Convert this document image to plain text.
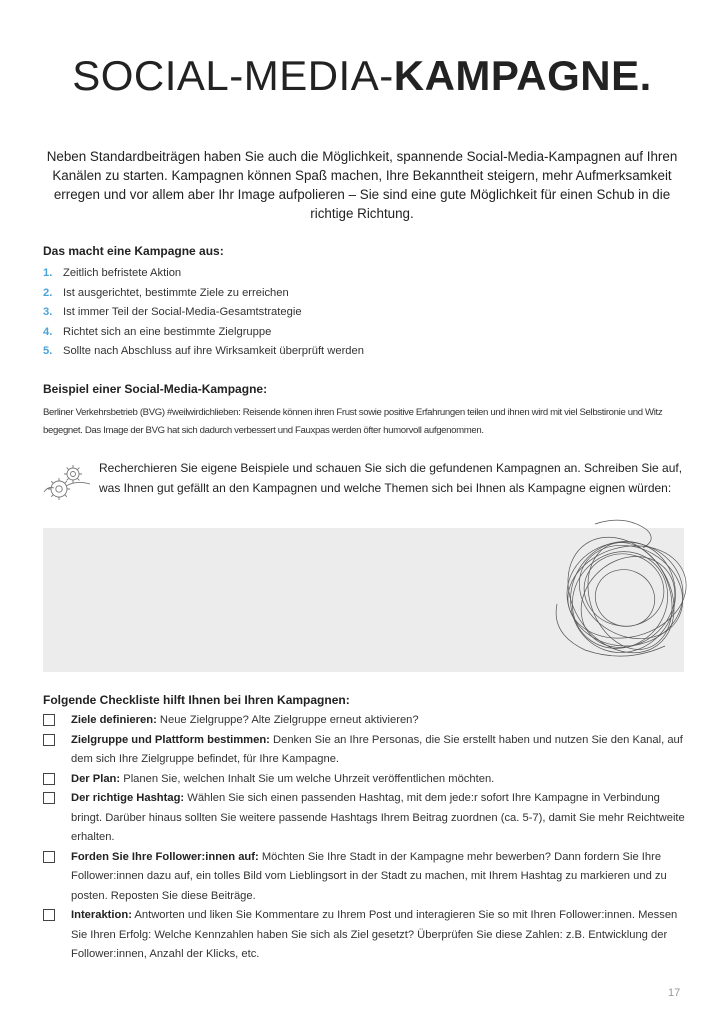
SOCIAL-MEDIA-KAMPAGNE.

Neben Standardbeiträgen haben Sie auch die Möglichkeit, spannende Social-Media-Kampagnen auf Ihren Kanälen zu starten. Kampagnen können Spaß machen, Ihre Bekanntheit steigern, mehr Aufmerksamkeit erregen und vor allem aber Ihr Image aufpolieren – Sie sind eine gute Möglichkeit für einen Schub in die richtige Richtung.

Das macht eine Kampagne aus:
1. Zeitlich befristete Aktion
2. Ist ausgerichtet, bestimmte Ziele zu erreichen
3. Ist immer Teil der Social-Media-Gesamtstrategie
4. Richtet sich an eine bestimmte Zielgruppe
5. Sollte nach Abschluss auf ihre Wirksamkeit überprüft werden
Beispiel einer Social-Media-Kampagne:
Berliner Verkehrsbetrieb (BVG) #weilwirdichlieben: Reisende können ihren Frust sowie positive Erfahrungen teilen und ihnen wird mit viel Selbstironie und Witz begegnet. Das Image der BVG hat sich dadurch verbessert und Fauxpas werden öfter humorvoll aufgenommen.
Recherchieren Sie eigene Beispiele und schauen Sie sich die gefundenen Kampagnen an. Schreiben Sie auf, was Ihnen gut gefällt an den Kampagnen und welche Themen sich bei Ihnen als Kampagne eignen würden:
Folgende Checkliste hilft Ihnen bei Ihren Kampagnen:
Ziele definieren: Neue Zielgruppe? Alte Zielgruppe erneut aktivieren?
Zielgruppe und Plattform bestimmen: Denken Sie an Ihre Personas, die Sie erstellt haben und nutzen Sie den Kanal, auf dem sich Ihre Zielgruppe befindet, für Ihre Kampagne.
Der Plan: Planen Sie, welchen Inhalt Sie um welche Uhrzeit veröffentlichen möchten.
Der richtige Hashtag: Wählen Sie sich einen passenden Hashtag, mit dem jede:r sofort Ihre Kampagne in Verbindung bringt. Darüber hinaus sollten Sie weitere passende Hashtags Ihrem Beitrag zuordnen (ca. 5-7), damit Sie mehr Reichtweite erhalten.
Forden Sie Ihre Follower:innen auf: Möchten Sie Ihre Stadt in der Kampagne mehr bewerben? Dann fordern Sie Ihre Follower:innen dazu auf, ein tolles Bild vom Lieblingsort in der Stadt zu machen, mit Ihrem Hashtag zu markieren und zu posten. Reposten Sie diese Beiträge.
Interaktion: Antworten und liken Sie Kommentare zu Ihrem Post und interagieren Sie so mit Ihren Follower:innen. Messen Sie Ihren Erfolg: Welche Kennzahlen haben Sie sich als Ziel gesetzt? Überprüfen Sie diese Zahlen: z.B. Entwicklung der Follower:innen, Anzahl der Klicks, etc.
17
